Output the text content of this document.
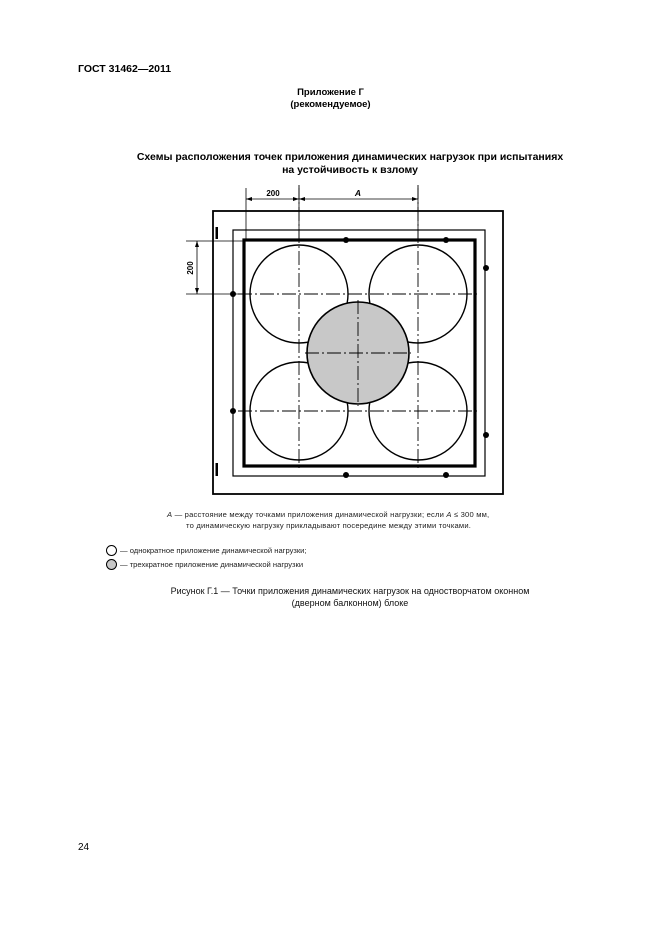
ГОСТ 31462—2011
Приложение Г
(рекомендуемое)
Схемы расположения точек приложения динамических нагрузок при испытаниях
на устойчивость к взлому
200	А
200
А — расстояние между точками приложения динамической нагрузки; если А ≤ 300 мм,
то динамическую нагрузку прикладывают посередине между этими точками.
— однократное приложение динамической нагрузки;
— трехкратное приложение динамической нагрузки
Рисунок Г.1 — Точки приложения динамических нагрузок на одностворчатом оконном
(дверном балконном) блоке
24
